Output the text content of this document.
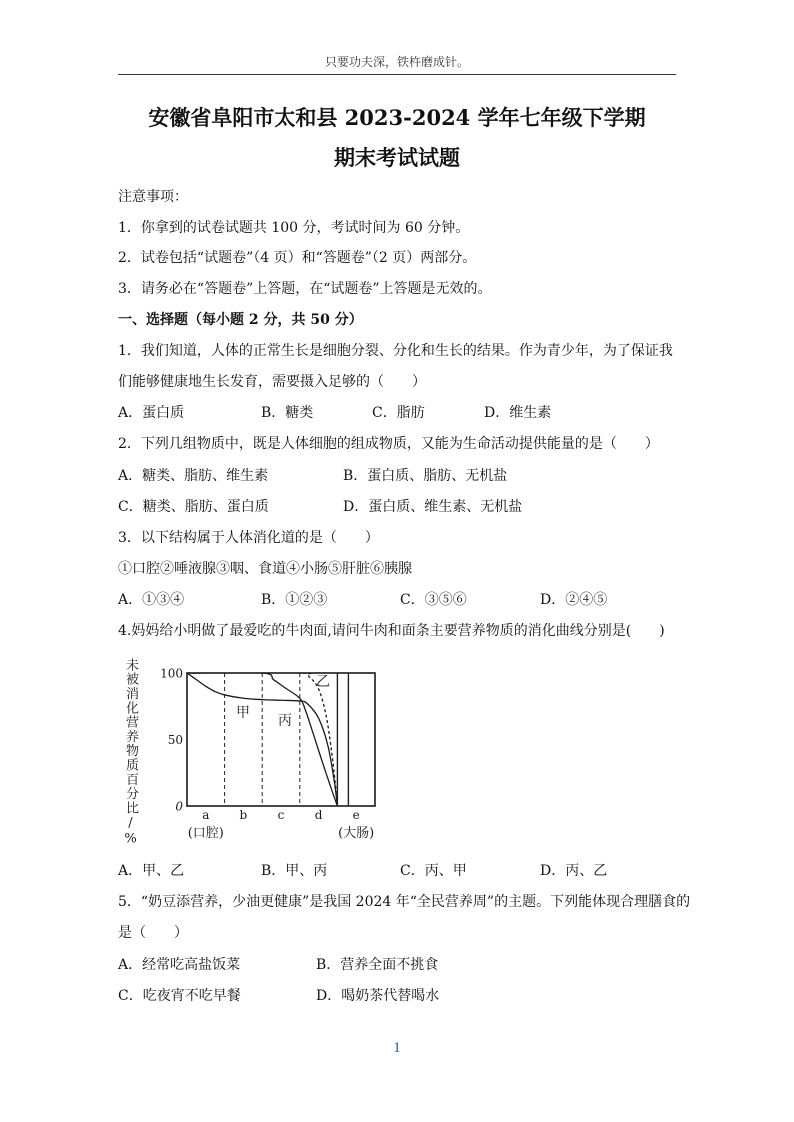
只要功夫深，铁杵磨成针。
安徽省阜阳市太和县 2023-2024 学年七年级下学期
期末考试试题
注意事项：
1．你拿到的试卷试题共 100 分，考试时间为 60 分钟。
2．试卷包括“试题卷”（4 页）和“答题卷”（2 页）两部分。
3．请务必在“答题卷”上答题，在“试题卷”上答题是无效的。
一、选择题（每小题 2 分，共 50 分）
1．我们知道，人体的正常生长是细胞分裂、分化和生长的结果。作为青少年，为了保证我
们能够健康地生长发育，需要摄入足够的（　　）
A．蛋白质	B．糖类	C．脂肪	D．维生素
2．下列几组物质中，既是人体细胞的组成物质，又能为生命活动提供能量的是（　　）
A．糖类、脂肪、维生素	B．蛋白质、脂肪、无机盐
C．糖类、脂肪、蛋白质	D．蛋白质、维生素、无机盐
3．以下结构属于人体消化道的是（　　）
①口腔②唾液腺③咽、食道④小肠⑤肝脏⑥胰腺
A．①③④	B．①②③	C．③⑤⑥	D．②④⑤
4.妈妈给小明做了最爱吃的牛肉面,请问牛肉和面条主要营养物质的消化曲线分别是(　　)
甲
乙
丙
100
50
0
a	b	c	d	e
(口腔)	(大肠)
未被消化营养物质百分比/%
A．甲、乙	B．甲、丙	C．丙、甲	D．丙、乙
5．“奶豆添营养，少油更健康”是我国 2024 年“全民营养周”的主题。下列能体现合理膳食的
是（　　）
A．经常吃高盐饭菜	B．营养全面不挑食
C．吃夜宵不吃早餐	D．喝奶茶代替喝水
1
